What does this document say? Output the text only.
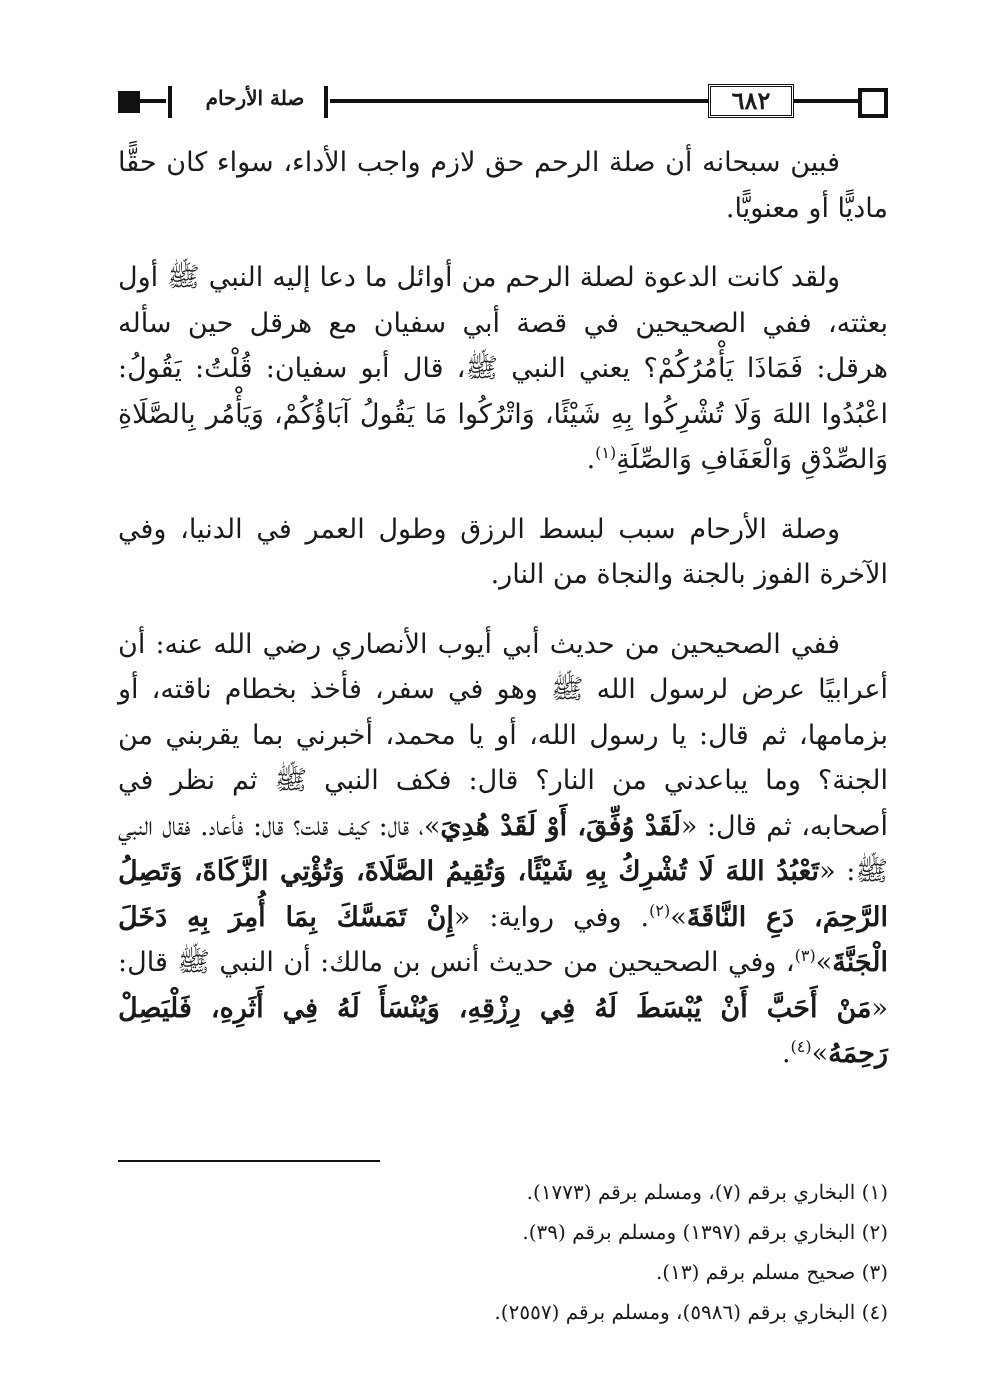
صلة الأرحام	٦٨٢

فبين سبحانه أن صلة الرحم حق لازم واجب الأداء، سواء كان حقًّا ماديًّا أو معنويًّا.

ولقد كانت الدعوة لصلة الرحم من أوائل ما دعا إليه النبي ﷺ أول بعثته، ففي الصحيحين في قصة أبي سفيان مع هرقل حين سأله هرقل: فَمَاذَا يَأْمُرُكُمْ؟ يعني النبي ﷺ، قال أبو سفيان: قُلْتُ: يَقُولُ: اعْبُدُوا اللهَ وَلَا تُشْرِكُوا بِهِ شَيْئًا، وَاتْرُكُوا مَا يَقُولُ آبَاؤُكُمْ، وَيَأْمُر بِالصَّلَاةِ وَالصِّدْقِ وَالْعَفَافِ وَالصِّلَةِ$^{(١)}$.

وصلة الأرحام سبب لبسط الرزق وطول العمر في الدنيا، وفي الآخرة الفوز بالجنة والنجاة من النار.

ففي الصحيحين من حديث أبي أيوب الأنصاري رضي الله عنه: أن أعرابيًا عرض لرسول الله ﷺ وهو في سفر، فأخذ بخطام ناقته، أو بزمامها، ثم قال: يا رسول الله، أو يا محمد، أخبرني بما يقربني من الجنة؟ وما يباعدني من النار؟ قال: فكف النبي ﷺ ثم نظر في أصحابه، ثم قال: «لَقَدْ وُفِّقَ، أَوْ لَقَدْ هُدِيَ»، قال: كيف قلت؟ قال: فأعاد. فقال النبي ﷺ: «تَعْبُدُ اللهَ لَا تُشْرِكُ بِهِ شَيْئًا، وَتُقِيمُ الصَّلَاةَ، وَتُؤْتِي الزَّكَاةَ، وَتَصِلُ الرَّحِمَ، دَعِ النَّاقَةَ»$^{(٢)}$. وفي رواية: «إِنْ تَمَسَّكَ بِمَا أُمِرَ بِهِ دَخَلَ الْجَنَّةَ»$^{(٣)}$، وفي الصحيحين من حديث أنس بن مالك: أن النبي ﷺ قال: «مَنْ أَحَبَّ أَنْ يُبْسَطَ لَهُ فِي رِزْقِهِ، وَيُنْسَأَ لَهُ فِي أَثَرِهِ، فَلْيَصِلْ رَحِمَهُ»$^{(٤)}$.

(١) البخاري برقم (٧)، ومسلم برقم (١٧٧٣).

(٢) البخاري برقم (١٣٩٧) ومسلم برقم (٣٩).

(٣) صحيح مسلم برقم (١٣).

(٤) البخاري برقم (٥٩٨٦)، ومسلم برقم (٢٥٥٧).
